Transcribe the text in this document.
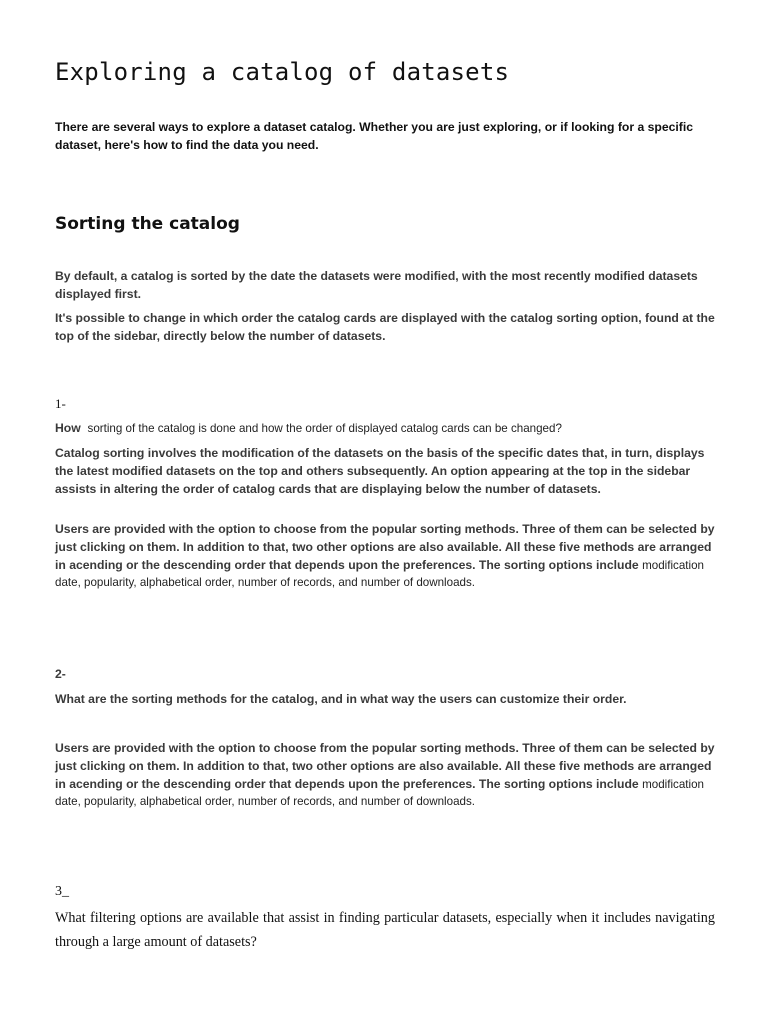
Exploring a catalog of datasets

There are several ways to explore a dataset catalog. Whether you are just exploring, or if looking for a specific dataset, here's how to find the data you need.

Sorting the catalog

By default, a catalog is sorted by the date the datasets were modified, with the most recently modified datasets displayed first.

It's possible to change in which order the catalog cards are displayed with the catalog sorting option, found at the top of the sidebar, directly below the number of datasets.

1-

How sorting of the catalog is done and how the order of displayed catalog cards can be changed?

Catalog sorting involves the modification of the datasets on the basis of the specific dates that, in turn, displays the latest modified datasets on the top and others subsequently. An option appearing at the top in the sidebar assists in altering the order of catalog cards that are displaying below the number of datasets.

Users are provided with the option to choose from the popular sorting methods. Three of them can be selected by just clicking on them. In addition to that, two other options are also available. All these five methods are arranged in acending or the descending order that depends upon the preferences. The sorting options include modification date, popularity, alphabetical order, number of records, and number of downloads.

2-

What are the sorting methods for the catalog, and in what way the users can customize their order.

Users are provided with the option to choose from the popular sorting methods. Three of them can be selected by just clicking on them. In addition to that, two other options are also available. All these five methods are arranged in acending or the descending order that depends upon the preferences. The sorting options include modification date, popularity, alphabetical order, number of records, and number of downloads.

3_

What filtering options are available that assist in finding particular datasets, especially when it includes navigating through a large amount of datasets?
